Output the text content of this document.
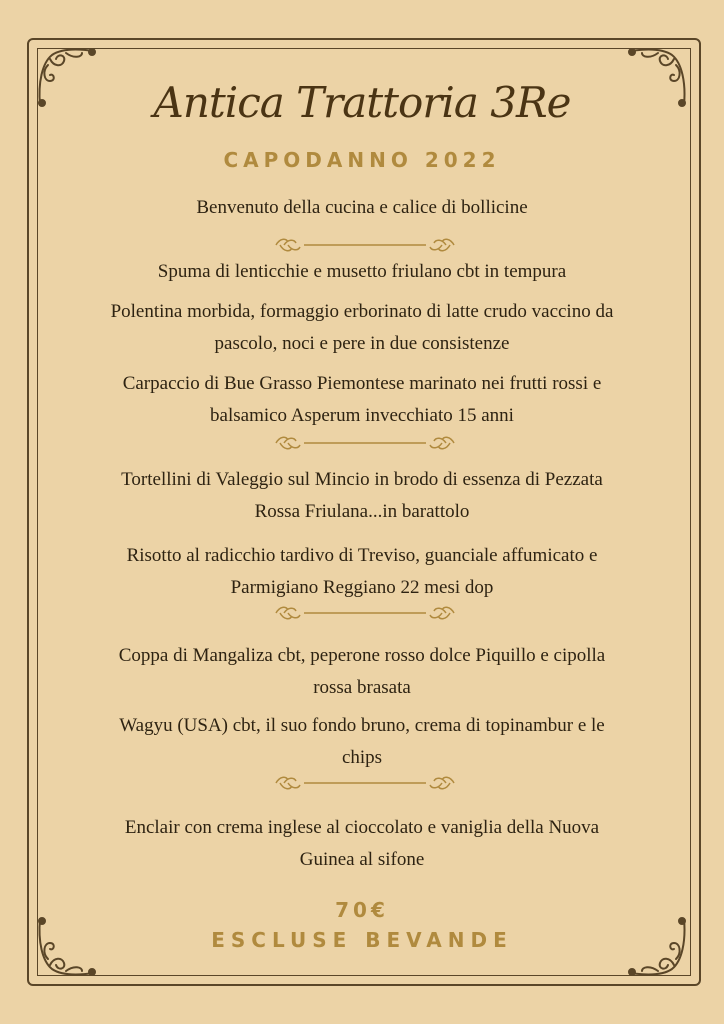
Antica Trattoria 3Re
CAPODANNO 2022
Benvenuto della cucina e calice di bollicine
Spuma di lenticchie e musetto friulano cbt in tempura
Polentina morbida, formaggio erborinato di latte crudo vaccino da
pascolo, noci e pere in due consistenze
Carpaccio di Bue Grasso Piemontese marinato nei frutti rossi e
balsamico Asperum invecchiato 15 anni
Tortellini di Valeggio sul Mincio in brodo di essenza di Pezzata
Rossa Friulana...in barattolo
Risotto al radicchio tardivo di Treviso, guanciale affumicato e
Parmigiano Reggiano 22 mesi dop
Coppa di Mangaliza cbt, peperone rosso dolce Piquillo e cipolla
rossa brasata
Wagyu (USA) cbt, il suo fondo bruno, crema di topinambur e le
chips
Enclair con crema inglese al cioccolato e vaniglia della Nuova
Guinea al sifone
70€
ESCLUSE BEVANDE
